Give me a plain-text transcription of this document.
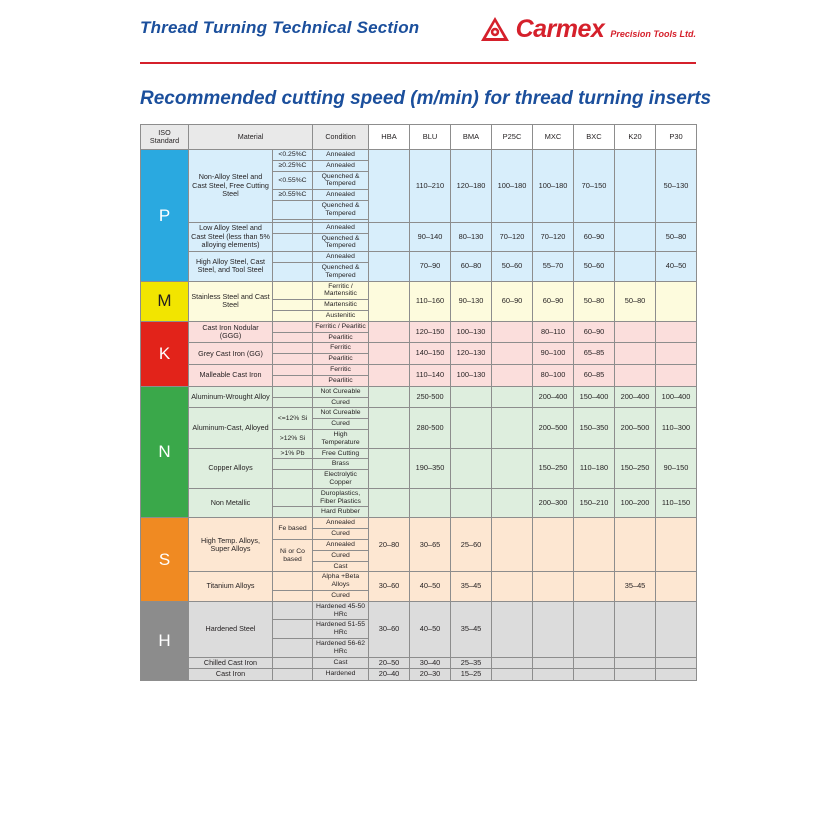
Thread Turning Technical Section	Carmex Precision Tools Ltd.
Recommended cutting speed (m/min) for thread turning inserts
ISO Standard	Material		Condition	HBA	BLU	BMA	P25C	MXC	BXC	K20	P30
P	Non-Alloy Steel and Cast Steel, Free Cutting Steel	<0.25%C	Annealed		110–210	120–180	100–180	100–180	70–150		50–130
		≥0.25%C	Annealed								
		<0.55%C	Quenched & Tempered								
		≥0.55%C	Annealed								
			Quenched & Tempered								

	Low Alloy Steel and Cast Steel (less than 5% alloying elements)		Annealed		90–140	80–130	70–120	70–120	60–90		50–80
			Quenched & Tempered								
	High Alloy Steel, Cast Steel, and Tool Steel		Annealed		70–90	60–80	50–60	55–70	50–60		40–50
			Quenched & Tempered								
M	Stainless Steel and Cast Steel		Ferritic / Martensitic		110–160	90–130	60–90	60–90	50–80	50–80	
			Martensitic								
			Austenitic								
K	Cast Iron Nodular (GGG)		Ferritic / Pearlitic		120–150	100–130		80–110	60–90		
			Pearlitic								
	Grey Cast Iron (GG)		Ferritic		140–150	120–130		90–100	65–85		
			Pearlitic								
	Malleable Cast Iron		Ferritic		110–140	100–130		80–100	60–85		
			Pearlitic								
N	Aluminum-Wrought Alloy		Not Cureable		250-500			200–400	150–400	200–400	100–400
			Cured								
	Aluminum-Cast, Alloyed	<=12% Si	Not Cureable		280-500			200–500	150–350	200–500	110–300
			Cured								
		>12% Si	High Temperature								
	Copper Alloys	>1% Pb	Free Cutting		190–350			150–250	110–180	150–250	90–150
			Brass								
			Electrolytic Copper								
	Non Metallic		Duroplastics, Fiber Plastics					200–300	150–210	100–200	110–150
			Hard Rubber								
S	High Temp. Alloys, Super Alloys	Fe based	Annealed	20–80	30–65	25–60					
			Cured								
		Ni or Co based	Annealed								
			Cured								
			Cast								
	Titanium Alloys		Alpha +Beta Alloys	30–60	40–50	35–45				35–45	
			Cured								
H	Hardened Steel		Hardened 45-50 HRc	30–60	40–50	35–45					
			Hardened 51-55 HRc								
			Hardened 56-62 HRc								
	Chilled Cast Iron		Cast	20–50	30–40	25–35					
	Cast Iron		Hardened	20–40	20–30	15–25					
